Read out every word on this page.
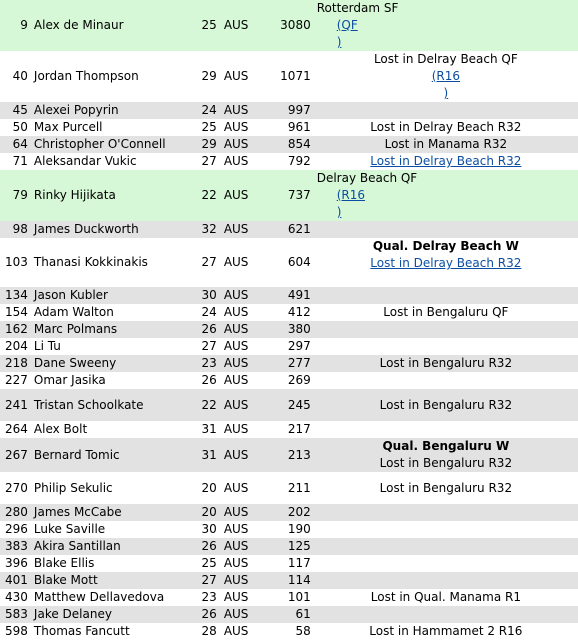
9	Alex de Minaur	25	AUS	3080	Rotterdam SF
(QF
)

40	Jordan Thompson	29	AUS	1071	Lost in Delray Beach QF
(R16
)

45	Alexei Popyrin	24	AUS	997	
50	Max Purcell	25	AUS	961	Lost in Delray Beach R32

64	Christopher O'Connell	29	AUS	854	Lost in Manama R32

71	Aleksandar Vukic	27	AUS	792	Lost in Delray Beach R32

79	Rinky Hijikata	22	AUS	737	Delray Beach QF
(R16
)

98	James Duckworth	32	AUS	621	
103	Thanasi Kokkinakis	27	AUS	604	Qual. Delray Beach W
Lost in Delray Beach R32

134	Jason Kubler	30	AUS	491	
154	Adam Walton	24	AUS	412	Lost in Bengaluru QF

162	Marc Polmans	26	AUS	380	
204	Li Tu	27	AUS	297	
218	Dane Sweeny	23	AUS	277	Lost in Bengaluru R32

227	Omar Jasika	26	AUS	269	
241	Tristan Schoolkate	22	AUS	245	Lost in Bengaluru R32

264	Alex Bolt	31	AUS	217	
267	Bernard Tomic	31	AUS	213	Qual. Bengaluru W
Lost in Bengaluru R32

270	Philip Sekulic	20	AUS	211	Lost in Bengaluru R32

280	James McCabe	20	AUS	202	
296	Luke Saville	30	AUS	190	
383	Akira Santillan	26	AUS	125	
396	Blake Ellis	25	AUS	117	
401	Blake Mott	27	AUS	114	
430	Matthew Dellavedova	23	AUS	101	Lost in Qual. Manama R1

583	Jake Delaney	26	AUS	61	
598	Thomas Fancutt	28	AUS	58	Lost in Hammamet 2 R16
